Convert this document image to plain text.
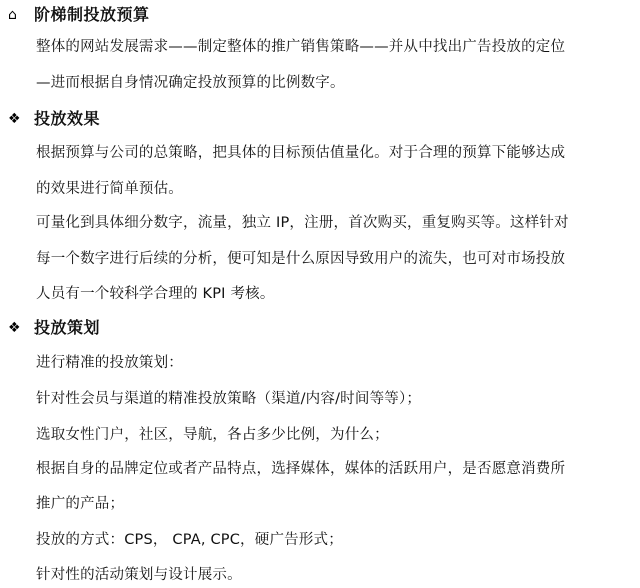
⌂	阶梯制投放预算
整体的网站发展需求——制定整体的推广销售策略——并从中找出广告投放的定位
—进而根据自身情况确定投放预算的比例数字。
❖ 投放效果
根据预算与公司的总策略，把具体的目标预估值量化。对于合理的预算下能够达成
的效果进行简单预估。
可量化到具体细分数字，流量，独立 IP，注册，首次购买，重复购买等。这样针对
每一个数字进行后续的分析，便可知是什么原因导致用户的流失，也可对市场投放
人员有一个较科学合理的 KPI 考核。
❖ 投放策划
进行精准的投放策划：
针对性会员与渠道的精准投放策略（渠道/内容/时间等等）；
选取女性门户，社区，导航，各占多少比例，为什么；
根据自身的品牌定位或者产品特点，选择媒体，媒体的活跃用户，是否愿意消费所
推广的产品；
投放的方式：CPS， CPA, CPC，硬广告形式；
针对性的活动策划与设计展示。
